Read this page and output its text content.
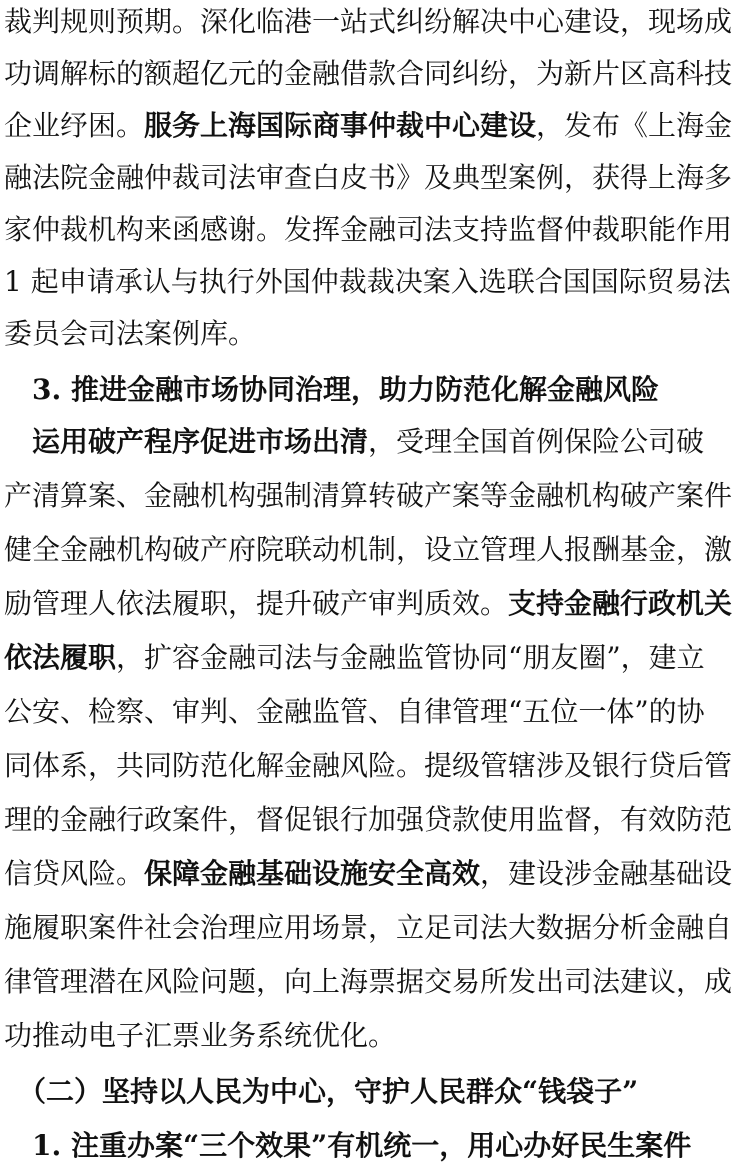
裁判规则预期。深化临港一站式纠纷解决中心建设，现场成
功调解标的额超亿元的金融借款合同纠纷，为新片区高科技
企业纾困。服务上海国际商事仲裁中心建设，发布《上海金
融法院金融仲裁司法审查白皮书》及典型案例，获得上海多
家仲裁机构来函感谢。发挥金融司法支持监督仲裁职能作用
1 起申请承认与执行外国仲裁裁决案入选联合国国际贸易法
委员会司法案例库。
　3. 推进金融市场协同治理，助力防范化解金融风险
　运用破产程序促进市场出清，受理全国首例保险公司破
产清算案、金融机构强制清算转破产案等金融机构破产案件
健全金融机构破产府院联动机制，设立管理人报酬基金，激
励管理人依法履职，提升破产审判质效。支持金融行政机关
依法履职，扩容金融司法与金融监管协同“朋友圈”，建立
公安、检察、审判、金融监管、自律管理“五位一体”的协
同体系，共同防范化解金融风险。提级管辖涉及银行贷后管
理的金融行政案件，督促银行加强贷款使用监督，有效防范
信贷风险。保障金融基础设施安全高效，建设涉金融基础设
施履职案件社会治理应用场景，立足司法大数据分析金融自
律管理潜在风险问题，向上海票据交易所发出司法建议，成
功推动电子汇票业务系统优化。
　（二）坚持以人民为中心，守护人民群众“钱袋子”
　1. 注重办案“三个效果”有机统一，用心办好民生案件
